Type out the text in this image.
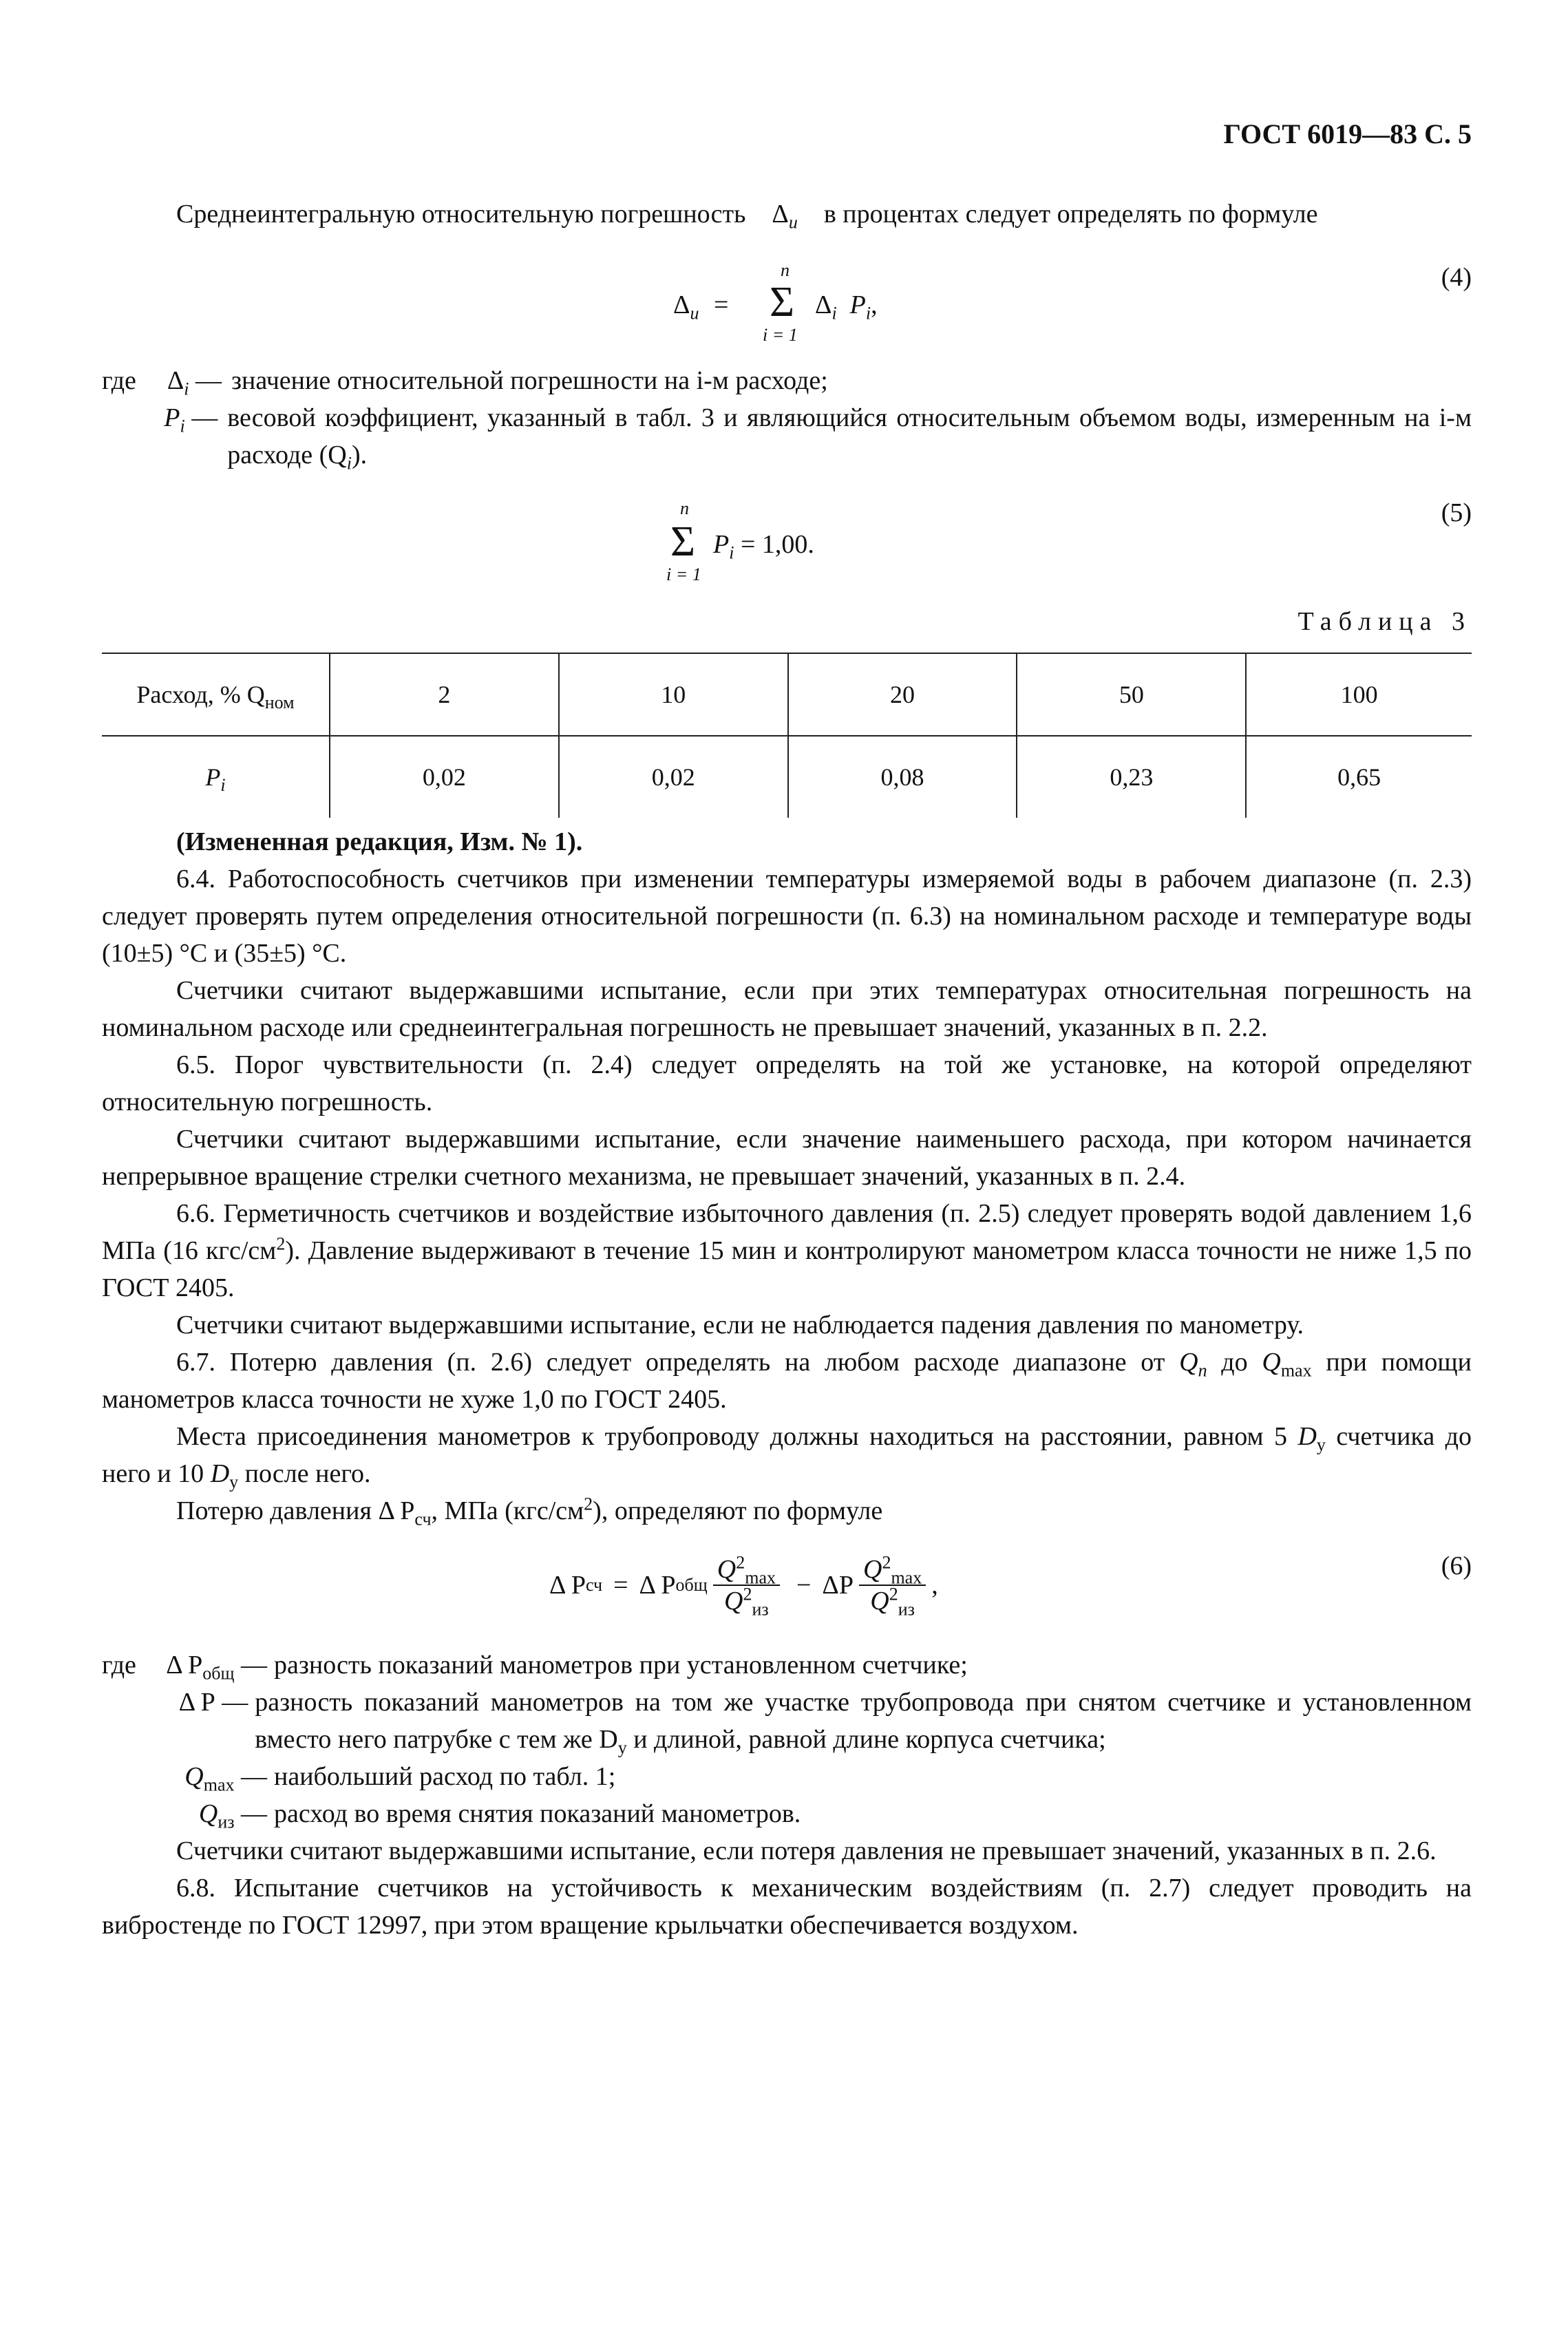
ГОСТ 6019—83 С. 5

Среднеинтегральную относительную погрешность $\Delta_и$ в процентах следует определять по формуле

(4)
$\Delta_и$ =
n
Σ
i = 1
$\Delta_i$ $P_i$,
где	$\Delta_i$ — значение относительной погрешности на i-м расходе;
$P_i$ — весовой коэффициент, указанный в табл. 3 и являющийся относительным объемом воды, измеренным на i-м расходе $(Q_i)$.
(5)
n
Σ
i = 1
$P_i = 1,00$.
Таблица 3
Расход, % $Q_{ном}$	2	10	20	50	100
$P_i$	0,02	0,02	0,08	0,23	0,65

(Измененная редакция, Изм. № 1).

6.4. Работоспособность счетчиков при изменении температуры измеряемой воды в рабочем диапазоне (п. 2.3) следует проверять путем определения относительной погрешности (п. 6.3) на номинальном расходе и температуре воды (10±5) °С и (35±5) °С.

Счетчики считают выдержавшими испытание, если при этих температурах относительная погрешность на номинальном расходе или среднеинтегральная погрешность не превышает значений, указанных в п. 2.2.

6.5. Порог чувствительности (п. 2.4) следует определять на той же установке, на которой определяют относительную погрешность.

Счетчики считают выдержавшими испытание, если значение наименьшего расхода, при котором начинается непрерывное вращение стрелки счетного механизма, не превышает значений, указанных в п. 2.4.

6.6. Герметичность счетчиков и воздействие избыточного давления (п. 2.5) следует проверять водой давлением 1,6 МПа (16 кгс/$см^2$). Давление выдерживают в течение 15 мин и контролируют манометром класса точности не ниже 1,5 по ГОСТ 2405.

Счетчики считают выдержавшими испытание, если не наблюдается падения давления по манометру.

6.7. Потерю давления (п. 2.6) следует определять на любом расходе диапазоне от $Q_п$ до $Q_{max}$ при помощи манометров класса точности не хуже 1,0 по ГОСТ 2405.

Места присоединения манометров к трубопроводу должны находиться на расстоянии, равном 5 $D_у$ счетчика до него и 10 $D_у$ после него.

Потерю давления Δ $P_{сч}$, МПа $(кгс/см^2)$, определяют по формуле

(6)
Δ P сч = Δ P общ $\frac{Q^2_{max}}{Q^2_{из}} - \Delta P \frac{Q^2_{max}}{Q^2_{из}}$ ,
где	Δ $P_{общ}$ — разность показаний манометров при установленном счетчике;
Δ P — разность показаний манометров на том же участке трубопровода при снятом счетчике и установленном вместо него патрубке с тем же $D_у$ и длиной, равной длине корпуса счетчика;
$Q_{max}$ — наибольший расход по табл. 1;
$Q_{из}$ — расход во время снятия показаний манометров.

Счетчики считают выдержавшими испытание, если потеря давления не превышает значений, указанных в п. 2.6.

6.8. Испытание счетчиков на устойчивость к механическим воздействиям (п. 2.7) следует проводить на вибростенде по ГОСТ 12997, при этом вращение крыльчатки обеспечивается воздухом.
